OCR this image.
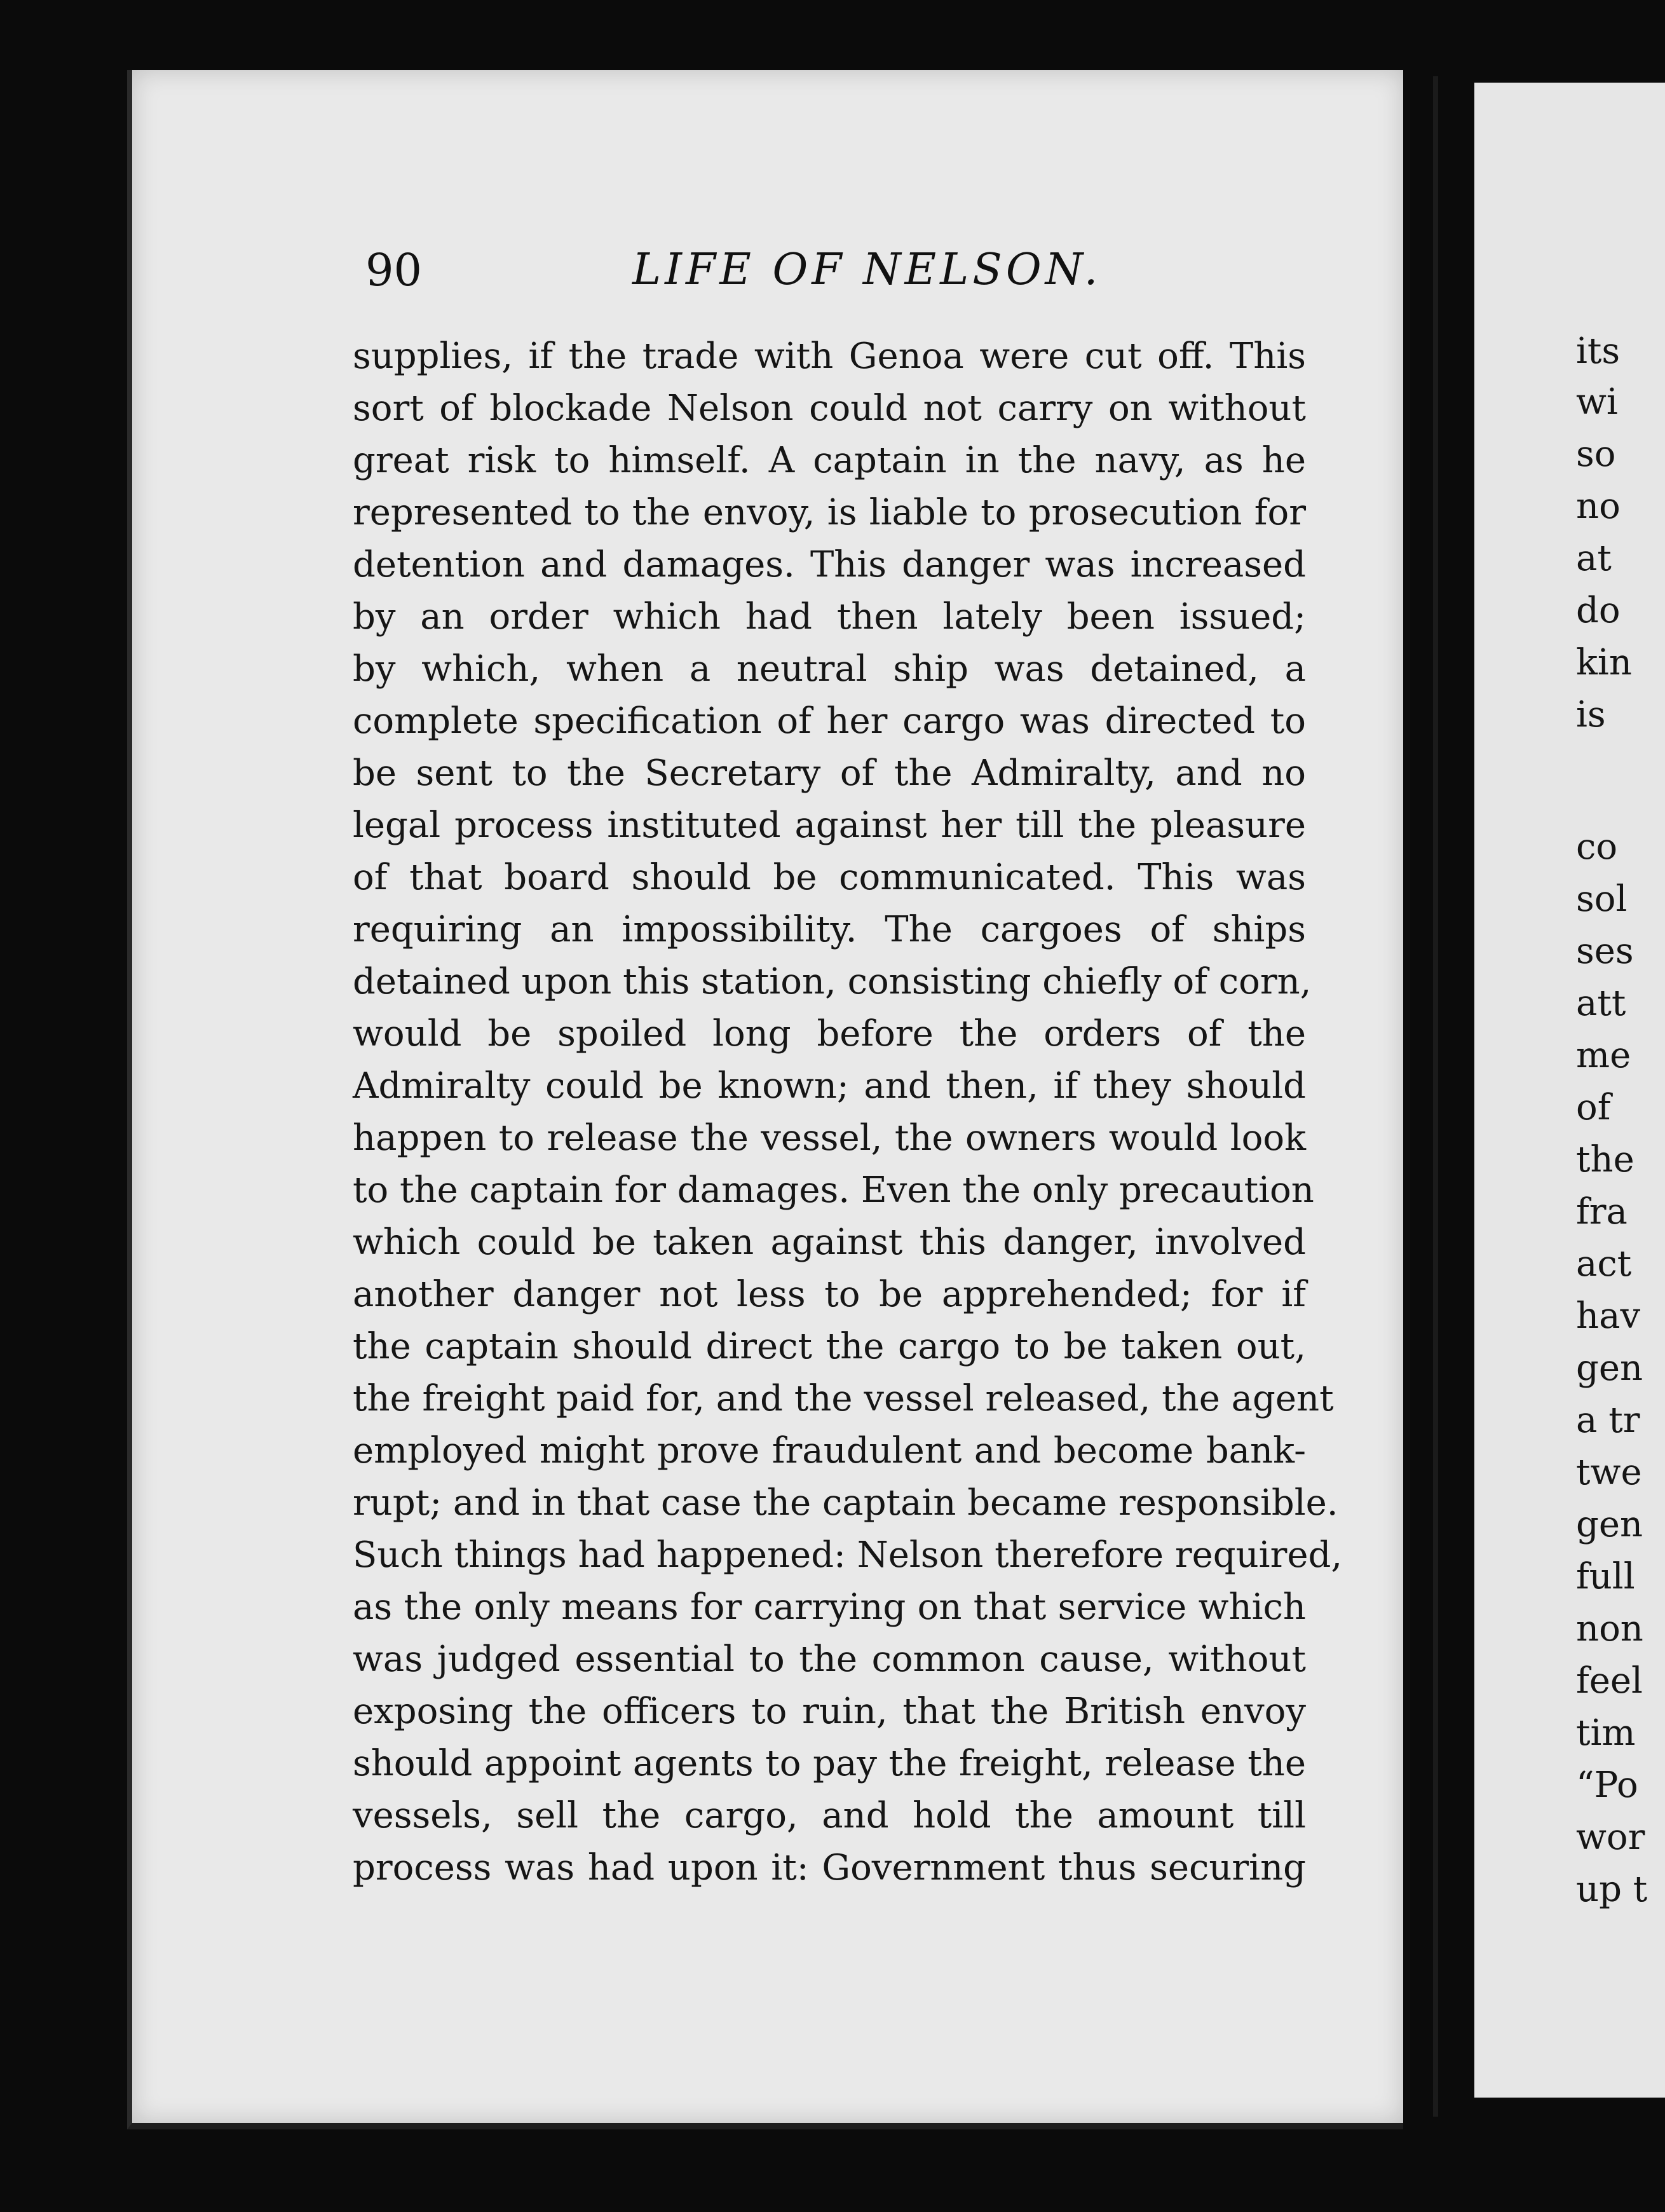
90	LIFE OF NELSON.
supplies, if the trade with Genoa were cut off. This
sort of blockade Nelson could not carry on without
great risk to himself. A captain in the navy, as he
represented to the envoy, is liable to prosecution for
detention and damages. This danger was increased
by an order which had then lately been issued;
by which, when a neutral ship was detained, a
complete specification of her cargo was directed to
be sent to the Secretary of the Admiralty, and no
legal process instituted against her till the pleasure
of that board should be communicated. This was
requiring an impossibility. The cargoes of ships
detained upon this station, consisting chiefly of corn,
would be spoiled long before the orders of the
Admiralty could be known; and then, if they should
happen to release the vessel, the owners would look
to the captain for damages. Even the only precaution
which could be taken against this danger, involved
another danger not less to be apprehended; for if
the captain should direct the cargo to be taken out,
the freight paid for, and the vessel released, the agent
employed might prove fraudulent and become bank-
rupt; and in that case the captain became responsible.
Such things had happened: Nelson therefore required,
as the only means for carrying on that service which
was judged essential to the common cause, without
exposing the officers to ruin, that the British envoy
should appoint agents to pay the freight, release the
vessels, sell the cargo, and hold the amount till
process was had upon it: Government thus securing
its
wi
so
no
at
do
kin
is
co
sol
ses
att
me
of
the
fra
act
hav
gen
a tr
twe
gen
full
non
feel
tim
“Po
wor
up t
